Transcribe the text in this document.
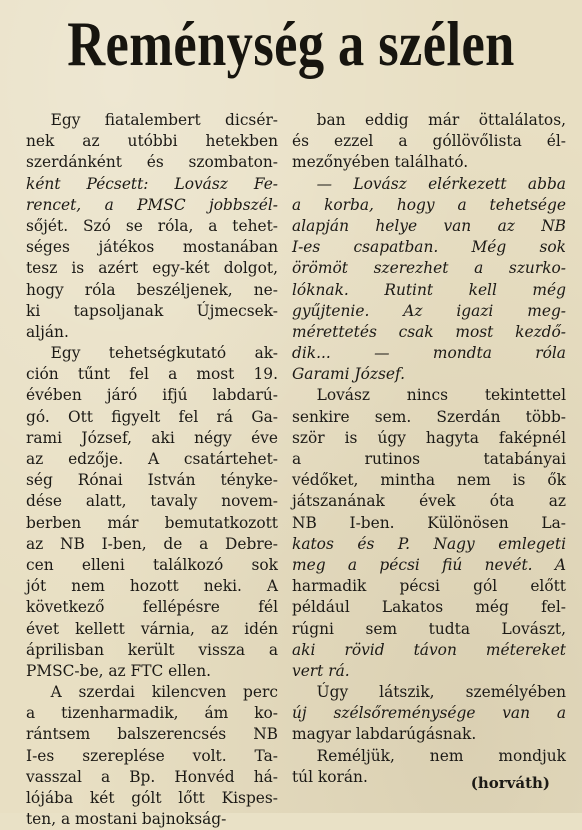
Reménység a szélen
Egy fiatalembert dicsér-
nek az utóbbi hetekben
szerdánként és szombaton-
ként Pécsett: Lovász Fe-
rencet, a PMSC jobbszél-
sőjét. Szó se róla, a tehet-
séges játékos mostanában
tesz is azért egy-két dolgot,
hogy róla beszéljenek, ne-
ki tapsoljanak Újmecsek-
alján.
Egy tehetségkutató ak-
ción tűnt fel a most 19.
évében járó ifjú labdarú-
gó. Ott figyelt fel rá Ga-
rami József, aki négy éve
az edzője. A csatártehet-
ség Rónai István ténykе-
dése alatt, tavaly novem-
berben már bemutatkozott
az NB I-ben, de a Debre-
cen elleni találkozó sok
jót nem hozott neki. A
következő fellépésre fél
évet kellett várnia, az idén
áprilisban került vissza a
PMSC-be, az FTC ellen.
A szerdai kilencven perc
a tizenharmadik, ám ko-
rántsem balszerencsés NB
I-es szereplése volt. Ta-
vasszal a Bp. Honvéd há-
lójába két gólt lőtt Kispes-
ten, a mostani bajnokság-
ban eddig már öttalálatos,
és ezzel a góllövőlista él-
mezőnyében található.
— Lovász elérkezett abba
a korba, hogy a tehetsége
alapján helye van az NB
I-es csapatban. Még sok
örömöt szerezhet a szurko-
lóknak. Rutint kell még
gyűjtenie. Az igazi meg-
mérettetés csak most kezdő-
dik... — mondta róla
Garami József.
Lovász nincs tekintettel
senkire sem. Szerdán több-
ször is úgy hagyta faképnél
a rutinos tatabányai
védőket, mintha nem is ők
játszanának évek óta az
NB I-ben. Különösen La-
katos és P. Nagy emlegeti
meg a pécsi fiú nevét. A
harmadik pécsi gól előtt
például Lakatos még fel-
rúgni sem tudta Lovászt,
aki rövid távon métereket
vert rá.
Úgy látszik, személyében
új szélsőreménysége van a
magyar labdarúgásnak.
Reméljük, nem mondjuk
túl korán.	(horváth)
